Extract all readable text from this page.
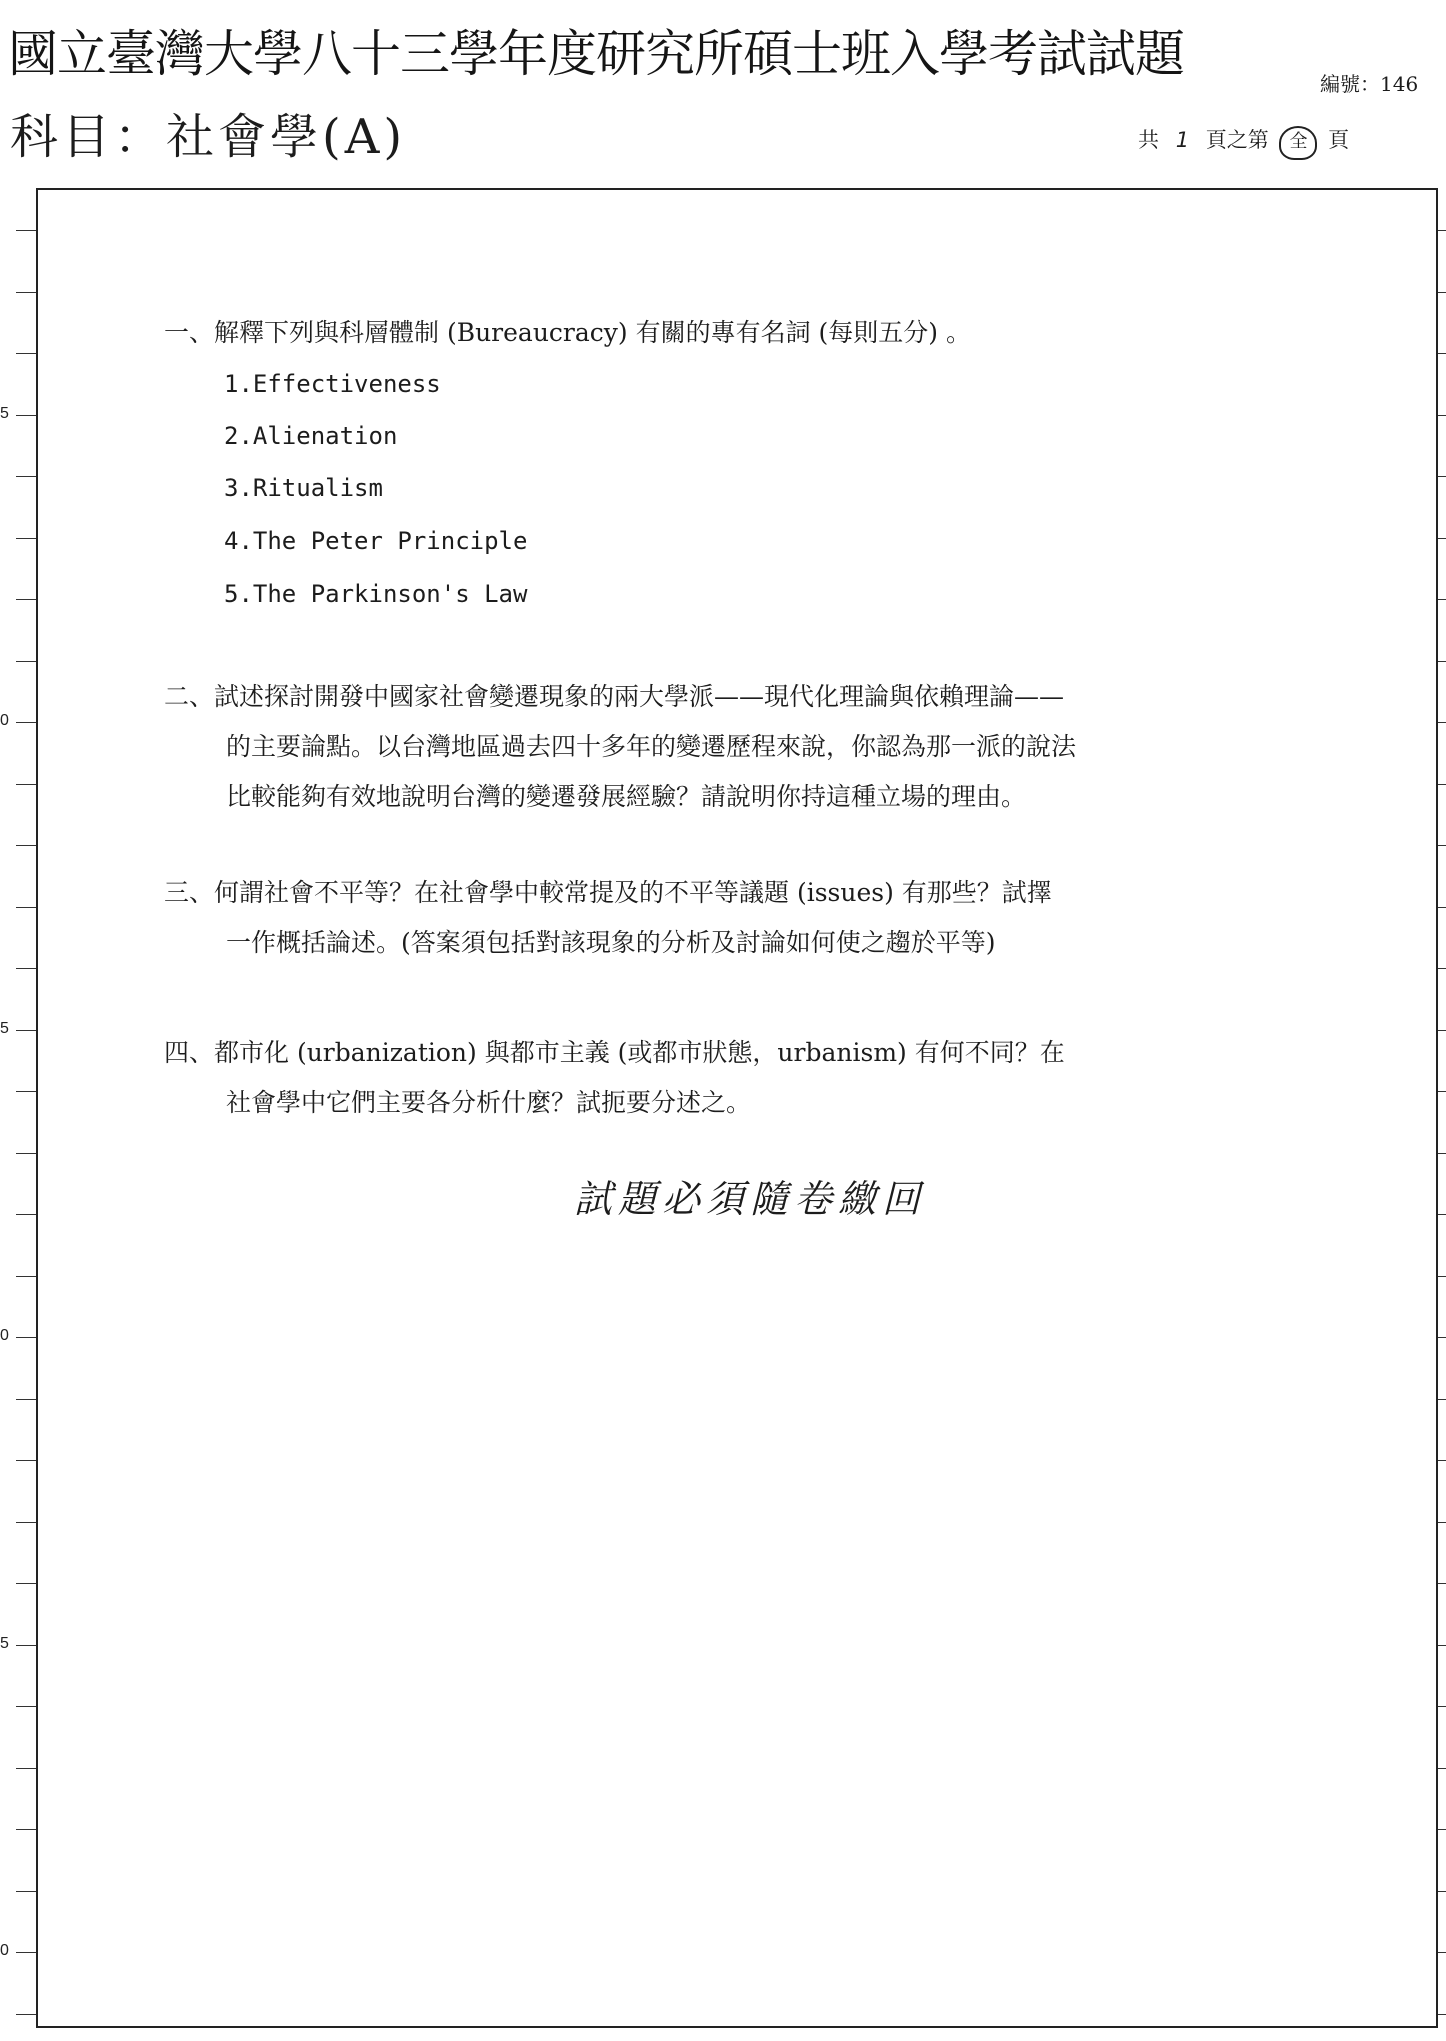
國立臺灣大學八十三學年度研究所碩士班入學考試試題
編號：146
科目：社會學(A)	共 1 頁之第 全 頁
5
0
5
0
5
0
一、解釋下列與科層體制 (Bureaucracy) 有關的專有名詞 (每則五分) 。
1.Effectiveness
2.Alienation
3.Ritualism
4.The Peter Principle
5.The Parkinson's Law
二、試述探討開發中國家社會變遷現象的兩大學派——現代化理論與依賴理論——
的主要論點。以台灣地區過去四十多年的變遷歷程來說，你認為那一派的說法
比較能夠有效地說明台灣的變遷發展經驗？請說明你持這種立場的理由。
三、何謂社會不平等？在社會學中較常提及的不平等議題 (issues) 有那些？試擇
一作概括論述。(答案須包括對該現象的分析及討論如何使之趨於平等)
四、都市化 (urbanization) 與都市主義 (或都市狀態，urbanism) 有何不同？在
社會學中它們主要各分析什麼？試扼要分述之。
試題必須隨卷繳回
